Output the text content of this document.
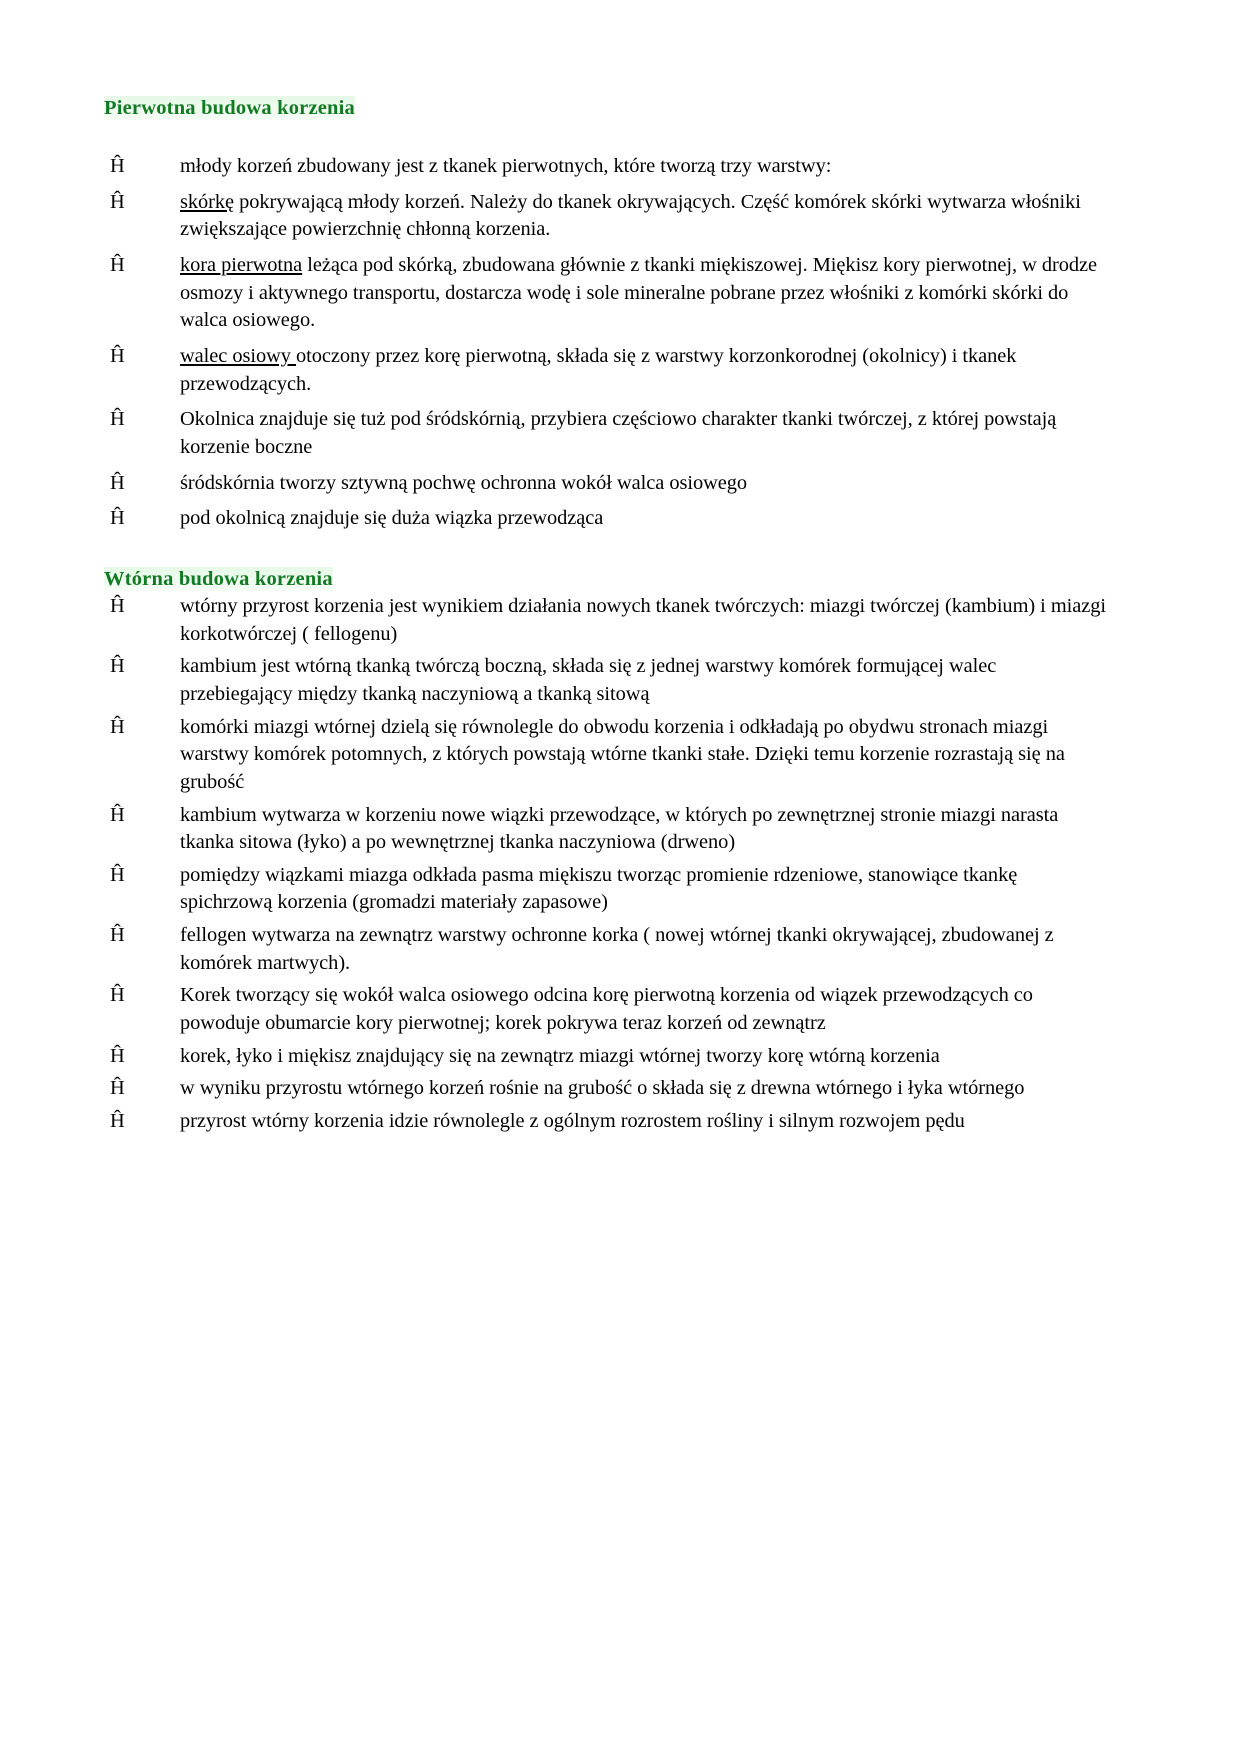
Pierwotna budowa korzenia
Ĥ	młody korzeń zbudowany jest z tkanek pierwotnych, które tworzą trzy warstwy:
Ĥ	skórkę pokrywającą młody korzeń. Należy do tkanek okrywających. Część komórek skórki wytwarza włośniki zwiększające powierzchnię chłonną korzenia.
Ĥ	kora pierwotna leżąca pod skórką, zbudowana głównie z tkanki miękiszowej. Miękisz kory pierwotnej, w drodze osmozy i aktywnego transportu, dostarcza wodę i sole mineralne pobrane przez włośniki z komórki skórki do walca osiowego.
Ĥ	walec osiowy otoczony przez korę pierwotną, składa się z warstwy korzonkorodnej (okolnicy) i tkanek przewodzących.
Ĥ	Okolnica znajduje się tuż pod śródskórnią, przybiera częściowo charakter tkanki twórczej, z której powstają korzenie boczne
Ĥ	śródskórnia tworzy sztywną pochwę ochronna wokół walca osiowego
Ĥ	pod okolnicą znajduje się duża wiązka przewodząca
Wtórna budowa korzenia
Ĥ	wtórny przyrost korzenia jest wynikiem działania nowych tkanek twórczych: miazgi twórczej (kambium) i miazgi korkotwórczej ( fellogenu)
Ĥ	kambium jest wtórną tkanką twórczą boczną, składa się z jednej warstwy komórek formującej walec przebiegający między tkanką naczyniową a tkanką sitową
Ĥ	komórki miazgi wtórnej dzielą się równolegle do obwodu korzenia i odkładają po obydwu stronach miazgi warstwy komórek potomnych, z których powstają wtórne tkanki stałe. Dzięki temu korzenie rozrastają się na grubość
Ĥ	kambium wytwarza w korzeniu nowe wiązki przewodzące, w których po zewnętrznej stronie miazgi narasta tkanka sitowa (łyko) a po wewnętrznej tkanka naczyniowa (drweno)
Ĥ	pomiędzy wiązkami miazga odkłada pasma miękiszu tworząc promienie rdzeniowe, stanowiące tkankę spichrzową korzenia (gromadzi materiały zapasowe)
Ĥ	fellogen wytwarza na zewnątrz warstwy ochronne korka ( nowej wtórnej tkanki okrywającej, zbudowanej z komórek martwych).
Ĥ	Korek tworzący się wokół walca osiowego odcina korę pierwotną korzenia od wiązek przewodzących co powoduje obumarcie kory pierwotnej; korek pokrywa teraz korzeń od zewnątrz
Ĥ	korek, łyko i miękisz znajdujący się na zewnątrz miazgi wtórnej tworzy korę wtórną korzenia
Ĥ	w wyniku przyrostu wtórnego korzeń rośnie na grubość o składa się z drewna wtórnego i łyka wtórnego
Ĥ	przyrost wtórny korzenia idzie równolegle z ogólnym rozrostem rośliny i silnym rozwojem pędu
